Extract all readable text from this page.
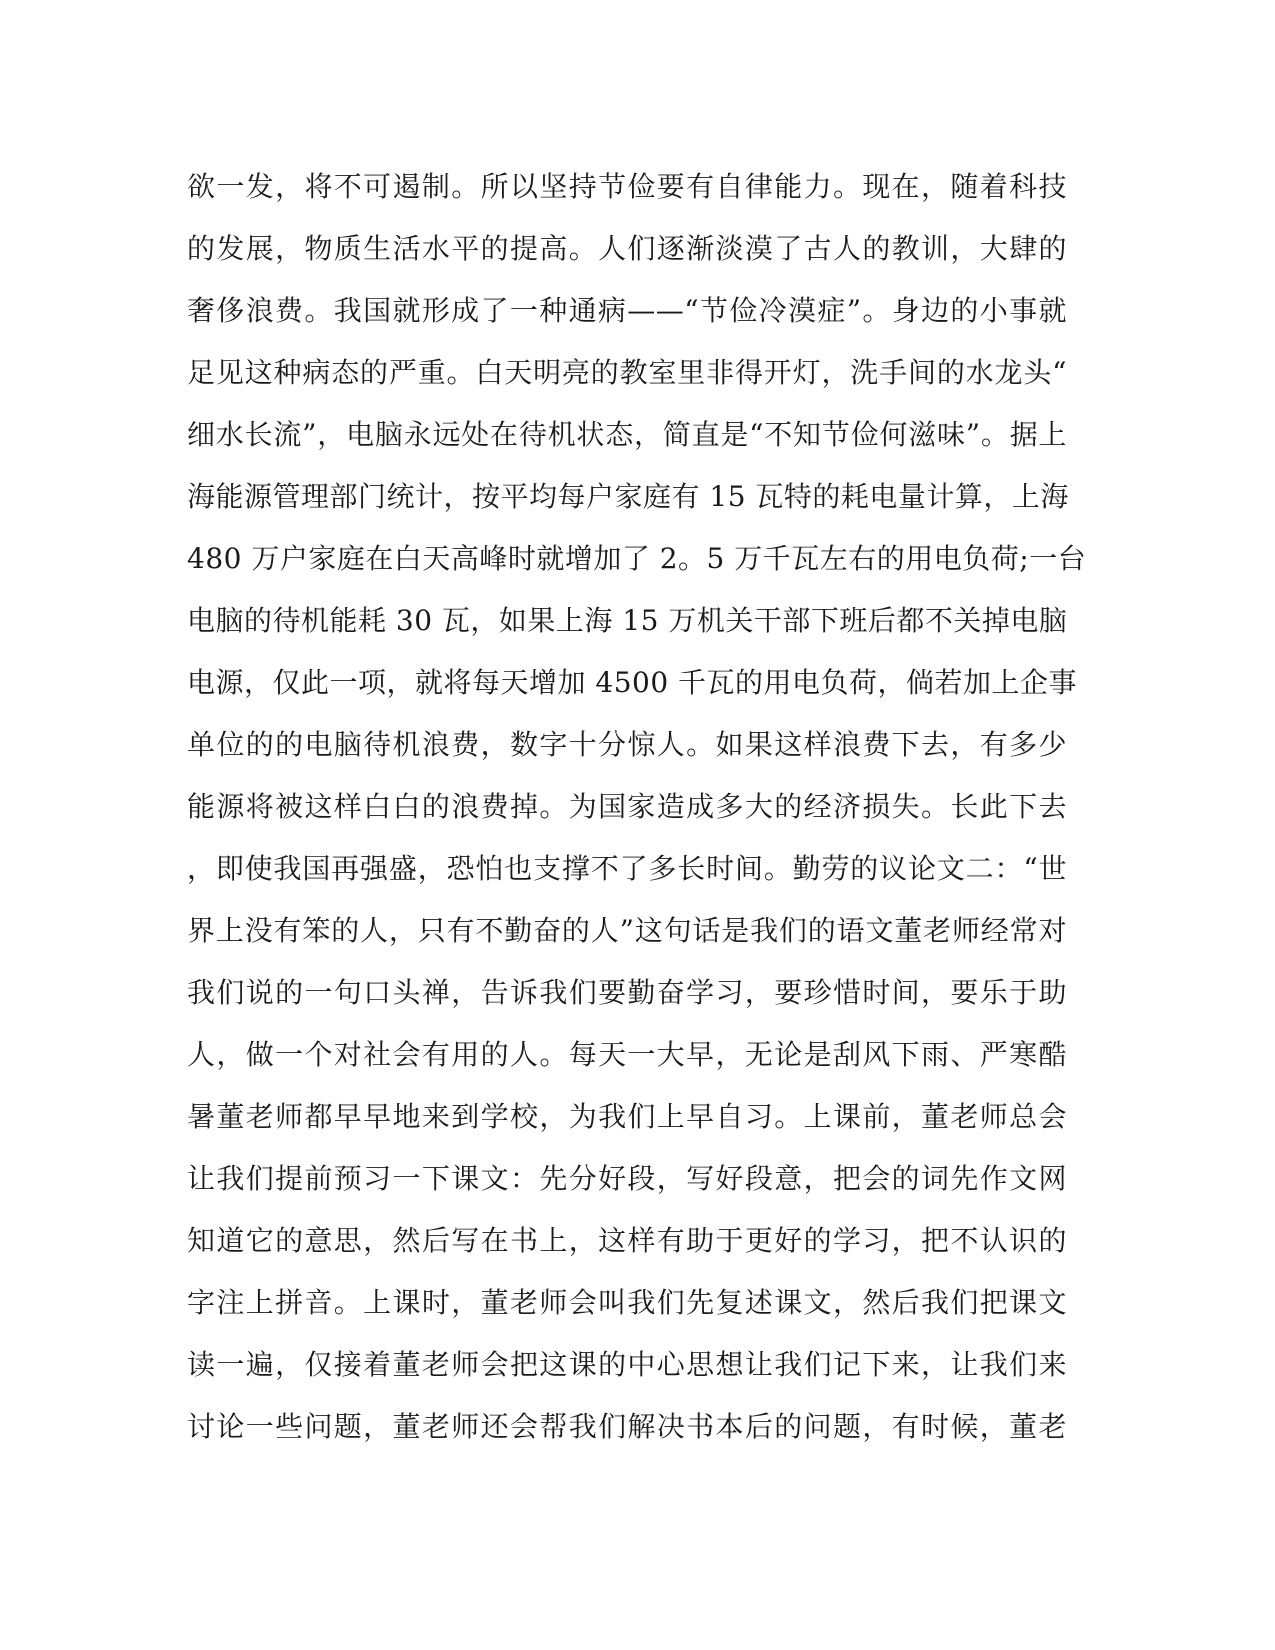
欲一发，将不可遏制。所以坚持节俭要有自律能力。现在，随着科技
的发展，物质生活水平的提高。人们逐渐淡漠了古人的教训，大肆的
奢侈浪费。我国就形成了一种通病——“节俭冷漠症”。身边的小事就
足见这种病态的严重。白天明亮的教室里非得开灯，洗手间的水龙头“
细水长流”，电脑永远处在待机状态，简直是“不知节俭何滋味”。据上
海能源管理部门统计，按平均每户家庭有 15 瓦特的耗电量计算，上海
480 万户家庭在白天高峰时就增加了 2。5 万千瓦左右的用电负荷;一台
电脑的待机能耗 30 瓦，如果上海 15 万机关干部下班后都不关掉电脑
电源，仅此一项，就将每天增加 4500 千瓦的用电负荷，倘若加上企事
单位的的电脑待机浪费，数字十分惊人。如果这样浪费下去，有多少
能源将被这样白白的浪费掉。为国家造成多大的经济损失。长此下去
，即使我国再强盛，恐怕也支撑不了多长时间。勤劳的议论文二：“世
界上没有笨的人，只有不勤奋的人”这句话是我们的语文董老师经常对
我们说的一句口头禅，告诉我们要勤奋学习，要珍惜时间，要乐于助
人，做一个对社会有用的人。每天一大早，无论是刮风下雨、严寒酷
暑董老师都早早地来到学校，为我们上早自习。上课前，董老师总会
让我们提前预习一下课文：先分好段，写好段意，把会的词先作文网
知道它的意思，然后写在书上，这样有助于更好的学习，把不认识的
字注上拼音。上课时，董老师会叫我们先复述课文，然后我们把课文
读一遍，仅接着董老师会把这课的中心思想让我们记下来，让我们来
讨论一些问题，董老师还会帮我们解决书本后的问题，有时候，董老
